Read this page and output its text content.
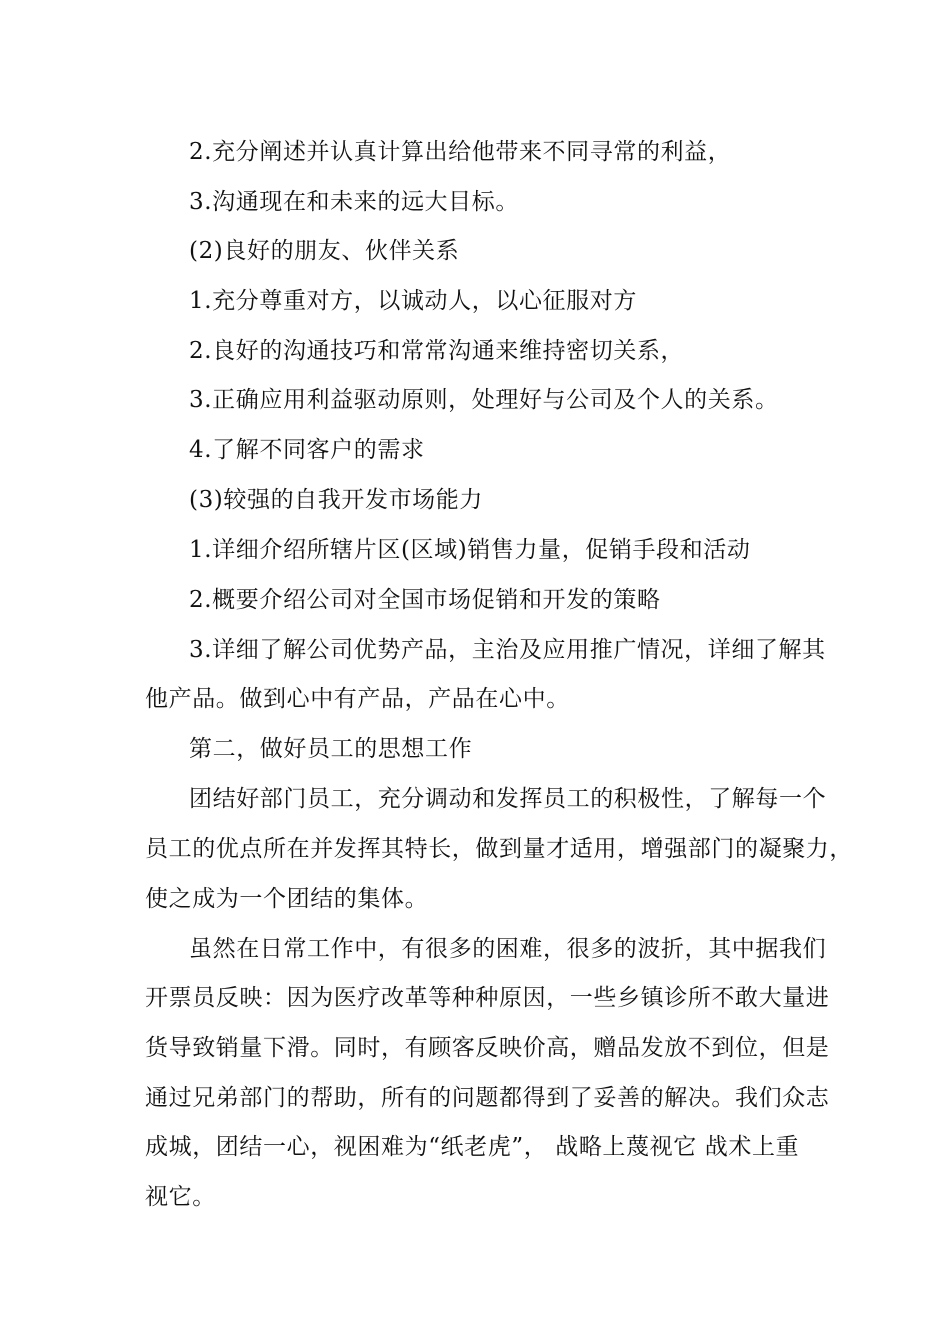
2.充分阐述并认真计算出给他带来不同寻常的利益，
3.沟通现在和未来的远大目标。
(2)良好的朋友、伙伴关系
1.充分尊重对方，以诚动人，以心征服对方
2.良好的沟通技巧和常常沟通来维持密切关系，
3.正确应用利益驱动原则，处理好与公司及个人的关系。
4.了解不同客户的需求
(3)较强的自我开发市场能力
1.详细介绍所辖片区(区域)销售力量，促销手段和活动
2.概要介绍公司对全国市场促销和开发的策略
3.详细了解公司优势产品，主治及应用推广情况，详细了解其
他产品。做到心中有产品，产品在心中。
第二，做好员工的思想工作
团结好部门员工，充分调动和发挥员工的积极性，了解每一个
员工的优点所在并发挥其特长，做到量才适用，增强部门的凝聚力，
使之成为一个团结的集体。
虽然在日常工作中，有很多的困难，很多的波折，其中据我们
开票员反映：因为医疗改革等种种原因，一些乡镇诊所不敢大量进
货导致销量下滑。同时，有顾客反映价高，赠品发放不到位，但是
通过兄弟部门的帮助，所有的问题都得到了妥善的解决。我们众志
成城，团结一心，视困难为“纸老虎”， 战略上蔑视它 战术上重
视它。
